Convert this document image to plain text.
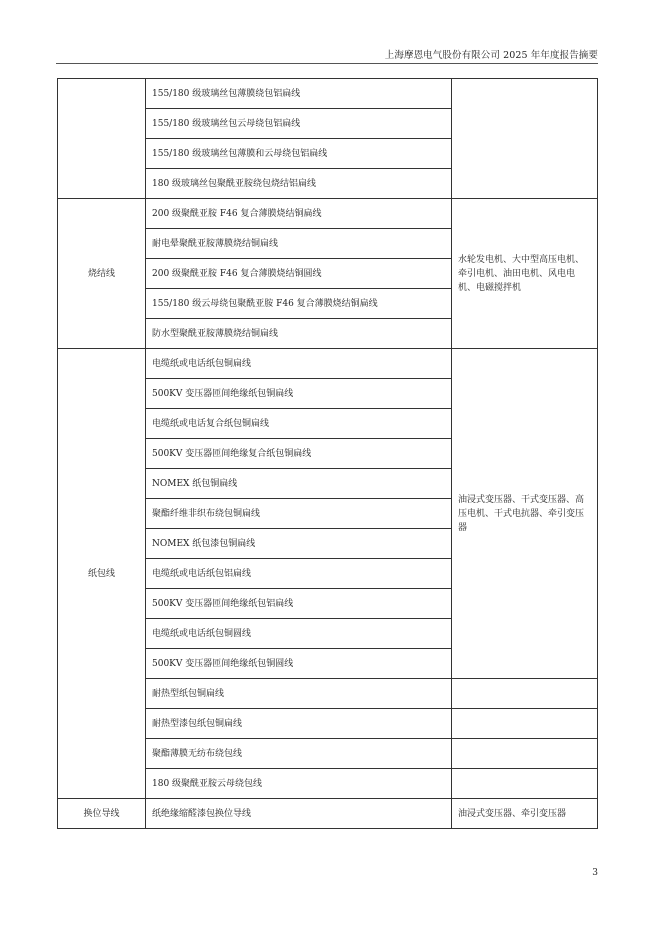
上海摩恩电气股份有限公司 2025 年年度报告摘要
	155/180 级玻璃丝包薄膜绕包铝扁线	
	155/180 级玻璃丝包云母绕包铝扁线	
	155/180 级玻璃丝包薄膜和云母绕包铝扁线	
	180 级玻璃丝包聚酰亚胺绕包烧结铝扁线	
烧结线	200 级聚酰亚胺 F46 复合薄膜烧结铜扁线	水轮发电机、大中型高压电机、牵引电机、油田电机、风电电机、电磁搅拌机
	耐电晕聚酰亚胺薄膜烧结铜扁线	
	200 级聚酰亚胺 F46 复合薄膜烧结铜圆线	
	155/180 级云母绕包聚酰亚胺 F46 复合薄膜烧结铜扁线	
	防水型聚酰亚胺薄膜烧结铜扁线	
纸包线	电缆纸或电话纸包铜扁线	油浸式变压器、干式变压器、高压电机、干式电抗器、牵引变压器
	500KV 变压器匝间绝缘纸包铜扁线	
	电缆纸或电话复合纸包铜扁线	
	500KV 变压器匝间绝缘复合纸包铜扁线	
	NOMEX 纸包铜扁线	
	聚酯纤维非织布绕包铜扁线	
	NOMEX 纸包漆包铜扁线	
	电缆纸或电话纸包铝扁线	
	500KV 变压器匝间绝缘纸包铝扁线	
	电缆纸或电话纸包铜圆线	
	500KV 变压器匝间绝缘纸包铜圆线	
	耐热型纸包铜扁线	
	耐热型漆包纸包铜扁线	
	聚酯薄膜无纺布绕包线	
	180 级聚酰亚胺云母绕包线	
换位导线	纸绝缘缩醛漆包换位导线	油浸式变压器、牵引变压器
3
